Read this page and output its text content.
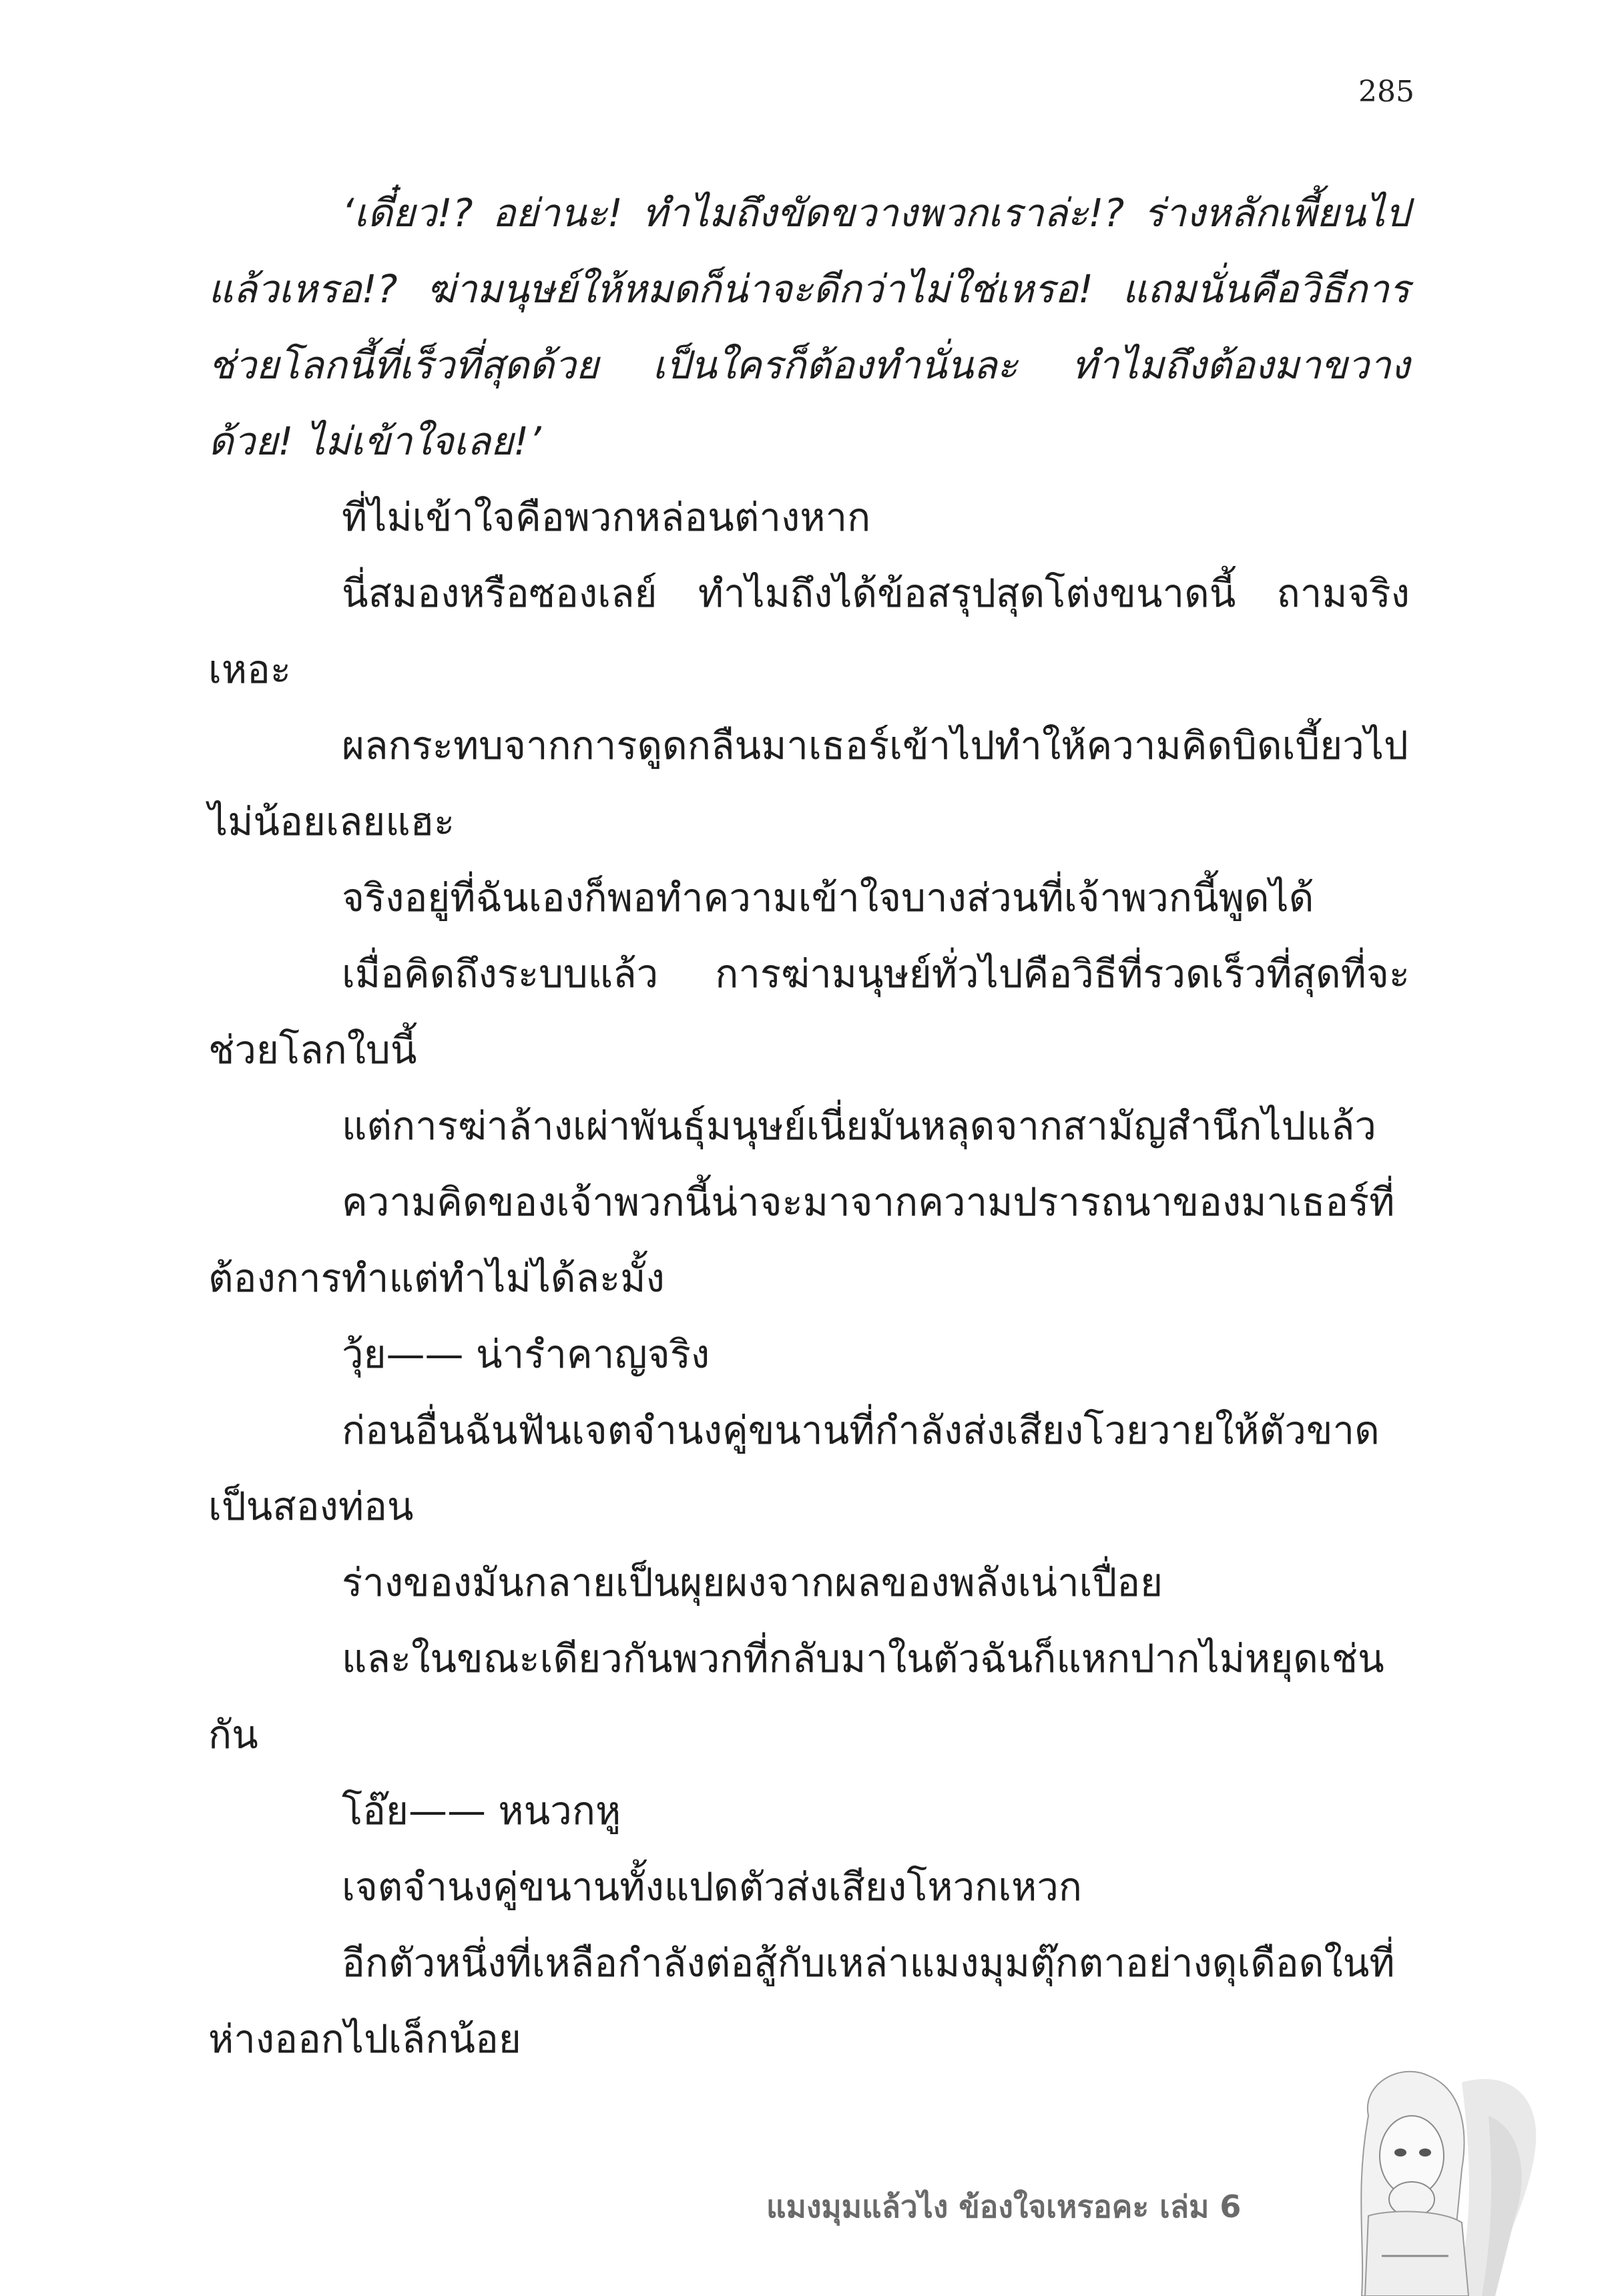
285

‘เดี๋ยว!? อย่านะ! ทำไมถึงขัดขวางพวกเราล่ะ!? ร่างหลักเพี้ยนไปแล้วเหรอ!? ฆ่ามนุษย์ให้หมดก็น่าจะดีกว่าไม่ใช่เหรอ! แถมนั่นคือวิธีการช่วยโลกนี้ที่เร็วที่สุดด้วย เป็นใครก็ต้องทำนั่นละ ทำไมถึงต้องมาขวางด้วย! ไม่เข้าใจเลย!’

ที่ไม่เข้าใจคือพวกหล่อนต่างหาก

นี่สมองหรือซองเลย์ ทำไมถึงได้ข้อสรุปสุดโต่งขนาดนี้ ถามจริงเหอะ

ผลกระทบจากการดูดกลืนมาเธอร์เข้าไปทำให้ความคิดบิดเบี้ยวไปไม่น้อยเลยแฮะ

จริงอยู่ที่ฉันเองก็พอทำความเข้าใจบางส่วนที่เจ้าพวกนี้พูดได้

เมื่อคิดถึงระบบแล้ว การฆ่ามนุษย์ทั่วไปคือวิธีที่รวดเร็วที่สุดที่จะช่วยโลกใบนี้

แต่การฆ่าล้างเผ่าพันธุ์มนุษย์เนี่ยมันหลุดจากสามัญสำนึกไปแล้ว

ความคิดของเจ้าพวกนี้น่าจะมาจากความปรารถนาของมาเธอร์ที่ต้องการทำแต่ทำไม่ได้ละมั้ง

วุ้ย—— น่ารำคาญจริง

ก่อนอื่นฉันฟันเจตจำนงคู่ขนานที่กำลังส่งเสียงโวยวายให้ตัวขาดเป็นสองท่อน

ร่างของมันกลายเป็นผุยผงจากผลของพลังเน่าเปื่อย

และในขณะเดียวกันพวกที่กลับมาในตัวฉันก็แหกปากไม่หยุดเช่นกัน

โอ๊ย—— หนวกหู

เจตจำนงคู่ขนานทั้งแปดตัวส่งเสียงโหวกเหวก

อีกตัวหนึ่งที่เหลือกำลังต่อสู้กับเหล่าแมงมุมตุ๊กตาอย่างดุเดือดในที่ห่างออกไปเล็กน้อย

แมงมุมแล้วไง ข้องใจเหรอคะ เล่ม 6
